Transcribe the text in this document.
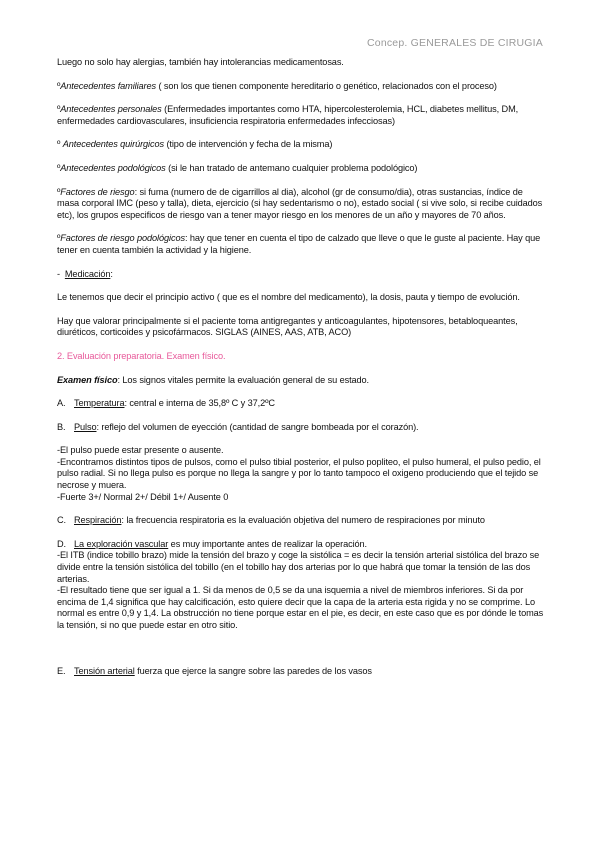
Concep. GENERALES DE CIRUGIA

Luego no solo hay alergias, también hay intolerancias medicamentosas.

ºAntecedentes familiares ( son los que tienen componente hereditario o genético, relacionados con el proceso)

ºAntecedentes personales (Enfermedades importantes como HTA, hipercolesterolemia, HCL, diabetes mellitus, DM, enfermedades cardiovasculares, insuficiencia respiratoria enfermedades infecciosas)

º Antecedentes quirúrgicos (tipo de intervención y fecha de la misma)

ºAntecedentes podológicos (si le han tratado de antemano cualquier problema podológico)

ºFactores de riesgo: si fuma (numero de de cigarrillos al dia), alcohol (gr de consumo/dia), otras sustancias, índice de masa corporal IMC (peso y talla), dieta, ejercicio (si hay sedentarismo o no), estado social ( si vive solo, si recibe cuidados etc), los grupos especificos de riesgo van a tener mayor riesgo en los menores de un año y mayores de 70 años.

ºFactores de riesgo podológicos: hay que tener en cuenta el tipo de calzado que lleve o que le guste al paciente. Hay que tener en cuenta también la actividad y la higiene.

- Medicación:

Le tenemos que decir el principio activo ( que es el nombre del medicamento), la dosis, pauta y tiempo de evolución.

Hay que valorar principalmente si el paciente toma antigregantes y anticoagulantes, hipotensores, betabloqueantes, diuréticos, corticoides y psicofármacos. SIGLAS (AINES, AAS, ATB, ACO)

2. Evaluación preparatoria. Examen físico.

Examen físico: Los signos vitales permite la evaluación general de su estado.

A. Temperatura: central e interna de 35,8º C y 37,2ºC
B. Pulso: reflejo del volumen de eyección (cantidad de sangre bombeada por el corazón).

-El pulso puede estar presente o ausente.
-Encontramos distintos tipos de pulsos, como el pulso tibial posterior, el pulso popliteo, el pulso humeral, el pulso pedio, el pulso radial. Si no llega pulso es porque no llega la sangre y por lo tanto tampoco el oxigeno produciendo que el tejido se necrose y muera.
-Fuerte 3+/ Normal 2+/ Débil 1+/ Ausente 0

C. Respiración: la frecuencia respiratoria es la evaluación objetiva del numero de respiraciones por minuto
D. La exploración vascular es muy importante antes de realizar la operación.

-El ITB (indice tobillo brazo) mide la tensión del brazo y coge la sistólica = es decir la tensión arterial sistólica del brazo se divide entre la tensión sistólica del tobillo (en el tobillo hay dos arterias por lo que habrá que tomar la tensión de las dos arterias.
-El resultado tiene que ser igual a 1. Si da menos de 0,5 se da una isquemia a nivel de miembros inferiores. Si da por encima de 1,4 significa que hay calcificación, esto quiere decir que la capa de la arteria esta rigida y no se comprime. Lo normal es entre 0,9 y 1,4. La obstrucción no tiene porque estar en el pie, es decir, en este caso que es por dónde le tomas la tensión, si no que puede estar en otro sitio.

E. Tensión arterial fuerza que ejerce la sangre sobre las paredes de los vasos
